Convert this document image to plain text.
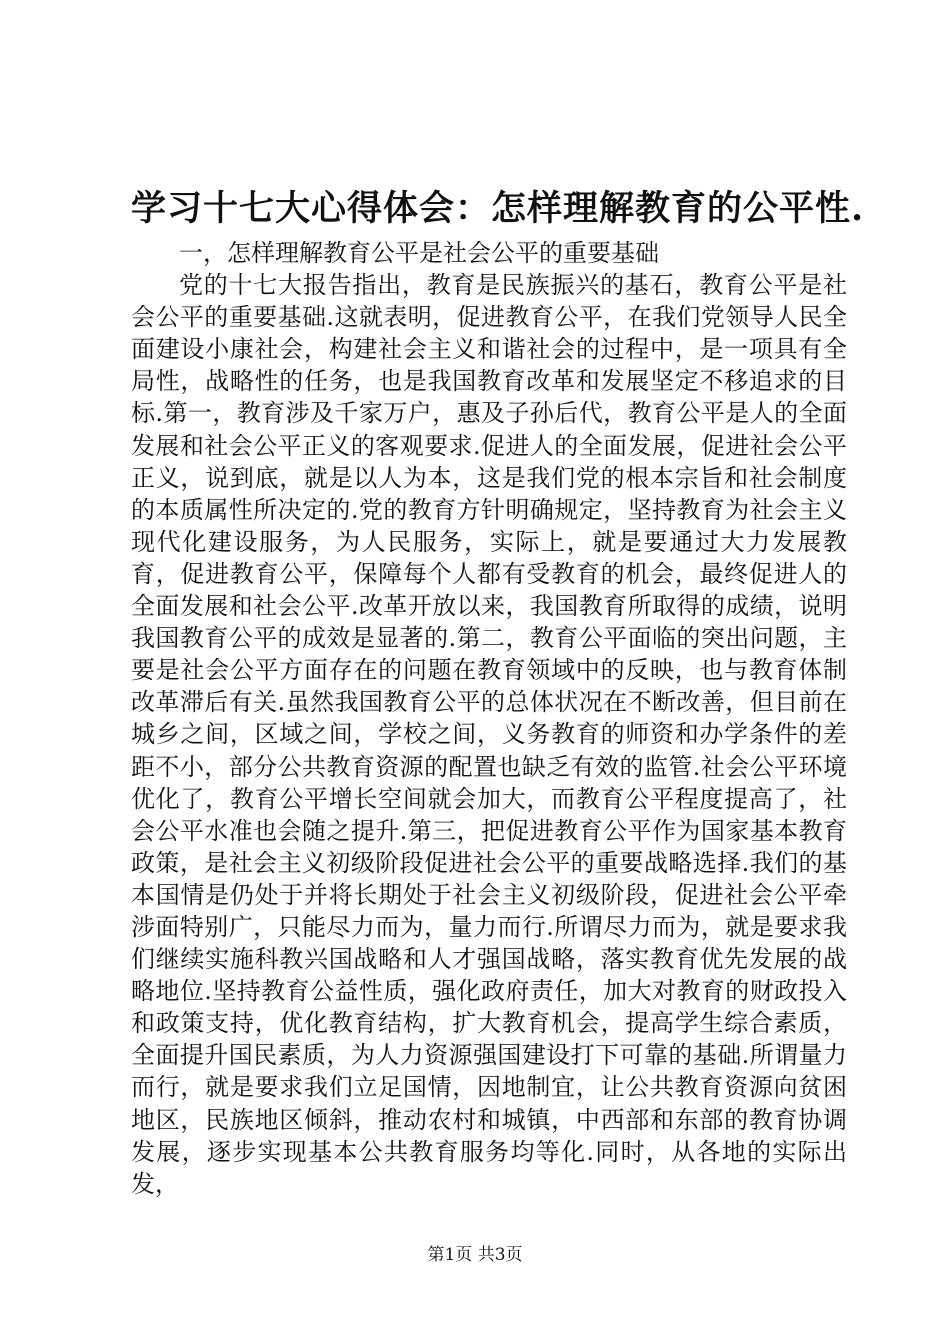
学习十七大心得体会：怎样理解教育的公平性.

一，怎样理解教育公平是社会公平的重要基础

党的十七大报告指出，教育是民族振兴的基石，教育公平是社会公平的重要基础.这就表明，促进教育公平，在我们党领导人民全面建设小康社会，构建社会主义和谐社会的过程中，是一项具有全局性，战略性的任务，也是我国教育改革和发展坚定不移追求的目标.第一，教育涉及千家万户，惠及子孙后代，教育公平是人的全面发展和社会公平正义的客观要求.促进人的全面发展，促进社会公平正义，说到底，就是以人为本，这是我们党的根本宗旨和社会制度的本质属性所决定的.党的教育方针明确规定，坚持教育为社会主义现代化建设服务，为人民服务，实际上，就是要通过大力发展教育，促进教育公平，保障每个人都有受教育的机会，最终促进人的全面发展和社会公平.改革开放以来，我国教育所取得的成绩，说明我国教育公平的成效是显著的.第二，教育公平面临的突出问题，主要是社会公平方面存在的问题在教育领域中的反映，也与教育体制改革滞后有关.虽然我国教育公平的总体状况在不断改善，但目前在城乡之间，区域之间，学校之间，义务教育的师资和办学条件的差距不小，部分公共教育资源的配置也缺乏有效的监管.社会公平环境优化了，教育公平增长空间就会加大，而教育公平程度提高了，社会公平水准也会随之提升.第三，把促进教育公平作为国家基本教育政策，是社会主义初级阶段促进社会公平的重要战略选择.我们的基本国情是仍处于并将长期处于社会主义初级阶段，促进社会公平牵涉面特别广，只能尽力而为，量力而行.所谓尽力而为，就是要求我们继续实施科教兴国战略和人才强国战略，落实教育优先发展的战略地位.坚持教育公益性质，强化政府责任，加大对教育的财政投入和政策支持，优化教育结构，扩大教育机会，提高学生综合素质，全面提升国民素质，为人力资源强国建设打下可靠的基础.所谓量力而行，就是要求我们立足国情，因地制宜，让公共教育资源向贫困地区，民族地区倾斜，推动农村和城镇，中西部和东部的教育协调发展，逐步实现基本公共教育服务均等化.同时，从各地的实际出发，

第1页 共3页
